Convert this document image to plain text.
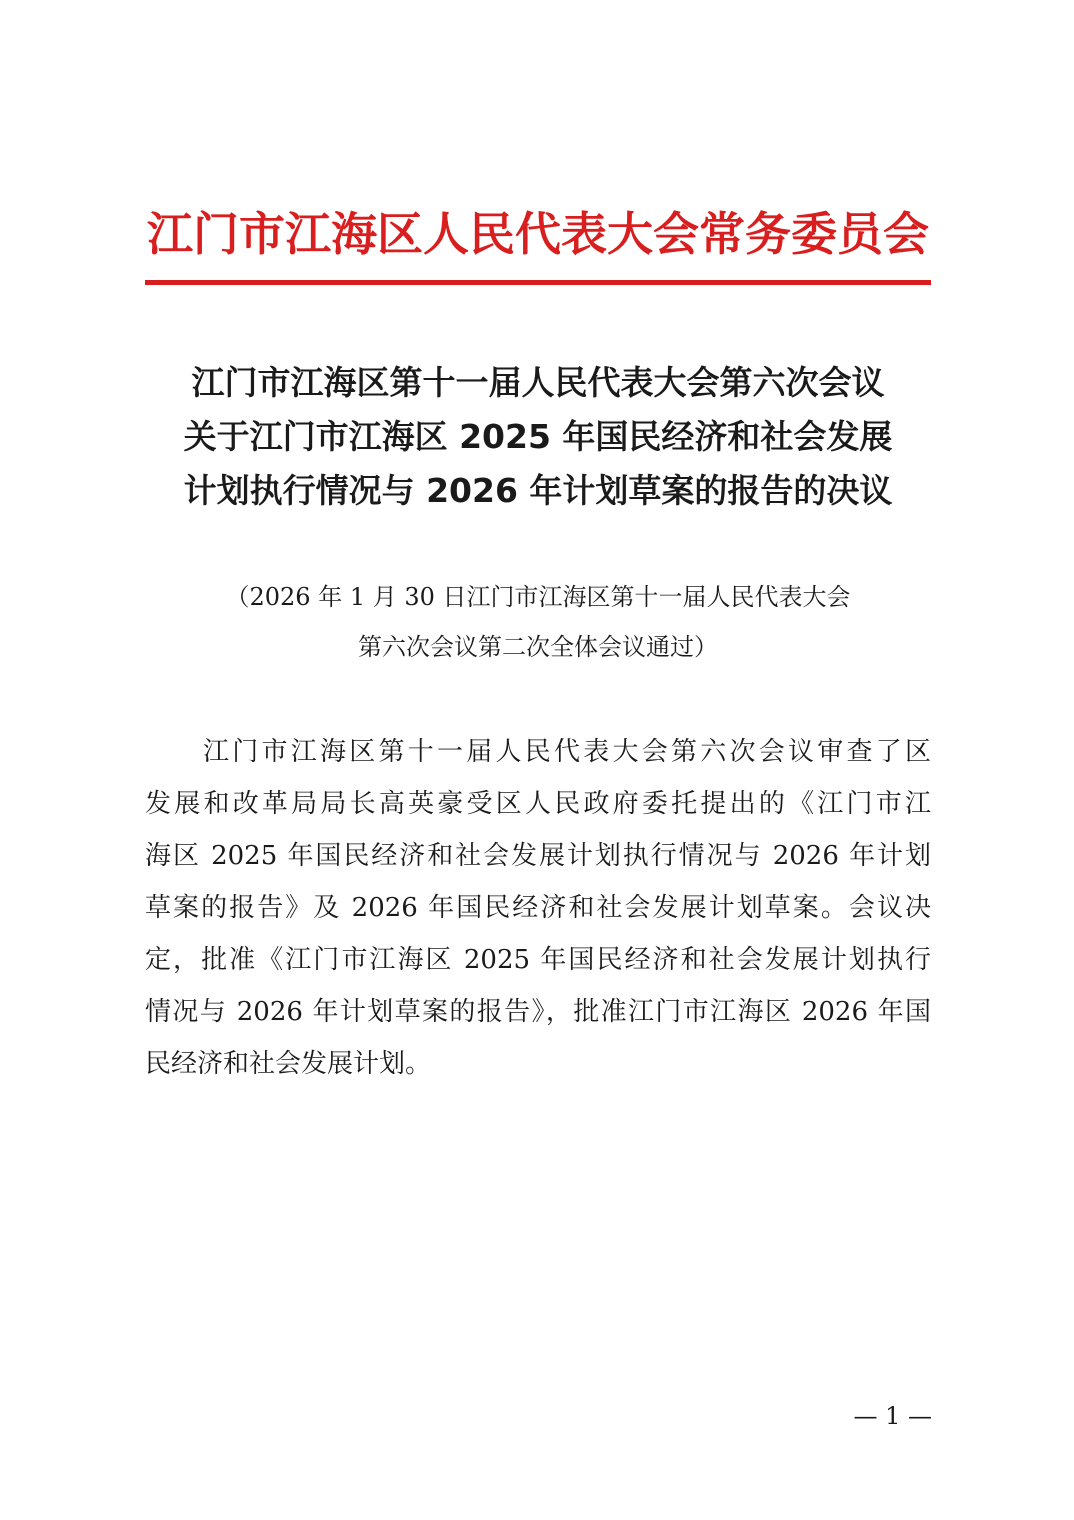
江门市江海区人民代表大会常务委员会
江门市江海区第十一届人民代表大会第六次会议
关于江门市江海区 2025 年国民经济和社会发展
计划执行情况与 2026 年计划草案的报告的决议
（2026 年 1 月 30 日江门市江海区第十一届人民代表大会
第六次会议第二次全体会议通过）
江门市江海区第十一届人民代表大会第六次会议审查了区
发展和改革局局长高英豪受区人民政府委托提出的《江门市江
海区 2025 年国民经济和社会发展计划执行情况与 2026 年计划
草案的报告》及 2026 年国民经济和社会发展计划草案。会议决
定，批准《江门市江海区 2025 年国民经济和社会发展计划执行
情况与 2026 年计划草案的报告》，批准江门市江海区 2026 年国
民经济和社会发展计划。
— 1 —
